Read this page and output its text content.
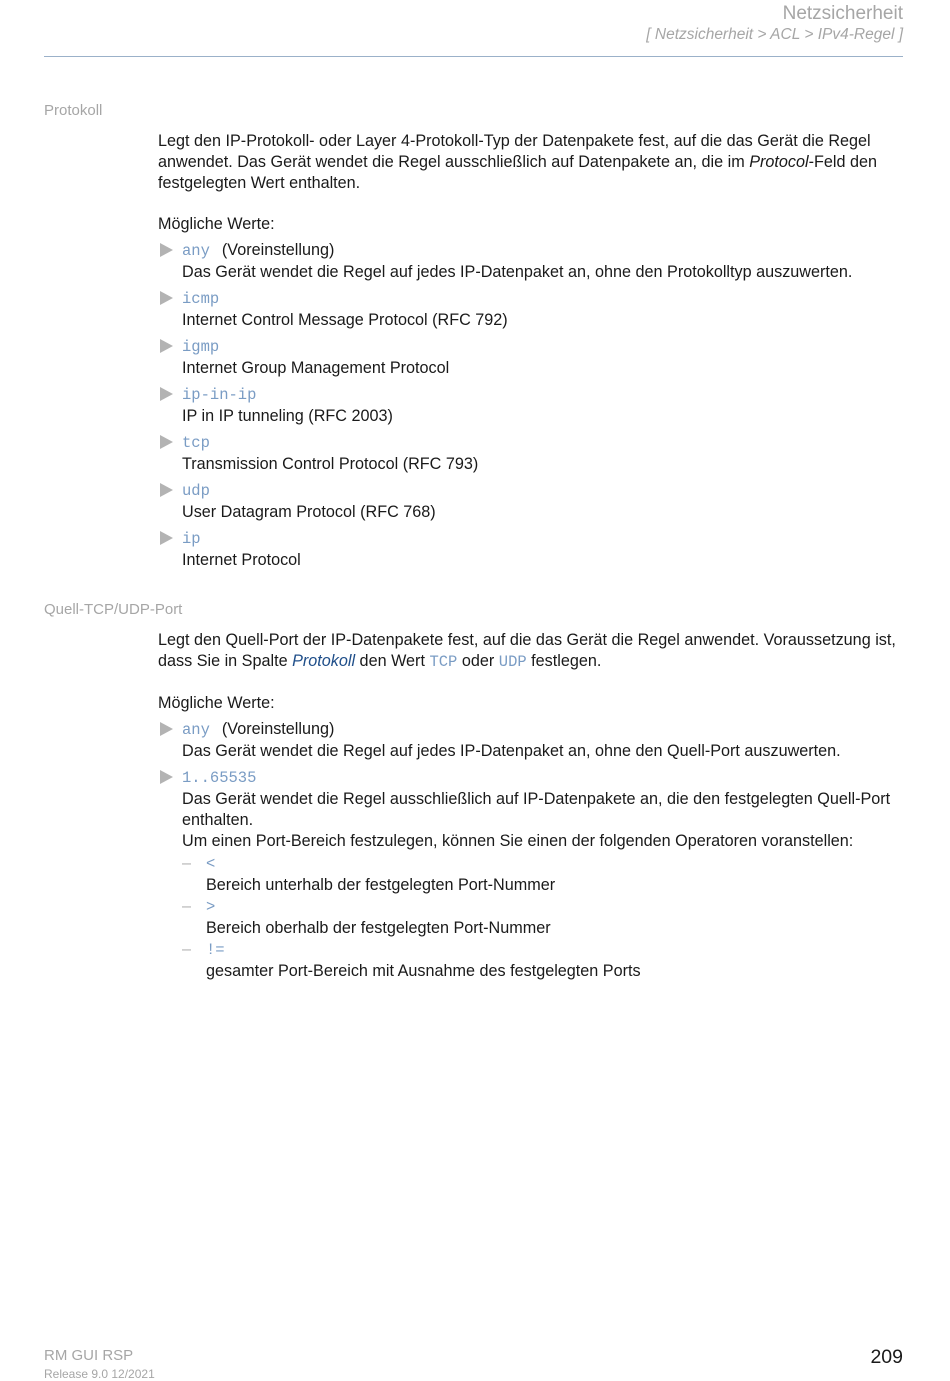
Netzsicherheit
[ Netzsicherheit > ACL > IPv4-Regel ]
Protokoll

Legt den IP-Protokoll- oder Layer 4-Protokoll-Typ der Datenpakete fest, auf die das Gerät die Regel anwendet. Das Gerät wendet die Regel ausschließlich auf Datenpakete an, die im Protocol-Feld den festgelegten Wert enthalten.

Mögliche Werte:

any (Voreinstellung)
Das Gerät wendet die Regel auf jedes IP-Datenpaket an, ohne den Protokolltyp auszuwerten.
icmp
Internet Control Message Protocol (RFC 792)
igmp
Internet Group Management Protocol
ip-in-ip
IP in IP tunneling (RFC 2003)
tcp
Transmission Control Protocol (RFC 793)
udp
User Datagram Protocol (RFC 768)
ip
Internet Protocol
Quell-TCP/UDP-Port

Legt den Quell-Port der IP-Datenpakete fest, auf die das Gerät die Regel anwendet. Voraussetzung ist, dass Sie in Spalte Protokoll den Wert TCP oder UDP festlegen.

Mögliche Werte:

any (Voreinstellung)
Das Gerät wendet die Regel auf jedes IP-Datenpaket an, ohne den Quell-Port auszuwerten.
1..65535
Das Gerät wendet die Regel ausschließlich auf IP-Datenpakete an, die den festgelegten Quell-Port enthalten.
Um einen Port-Bereich festzulegen, können Sie einen der folgenden Operatoren voranstellen:
– <
Bereich unterhalb der festgelegten Port-Nummer
– >
Bereich oberhalb der festgelegten Port-Nummer
– !=
gesamter Port-Bereich mit Ausnahme des festgelegten Ports
RM GUI RSP
Release 9.0 12/2021
209
